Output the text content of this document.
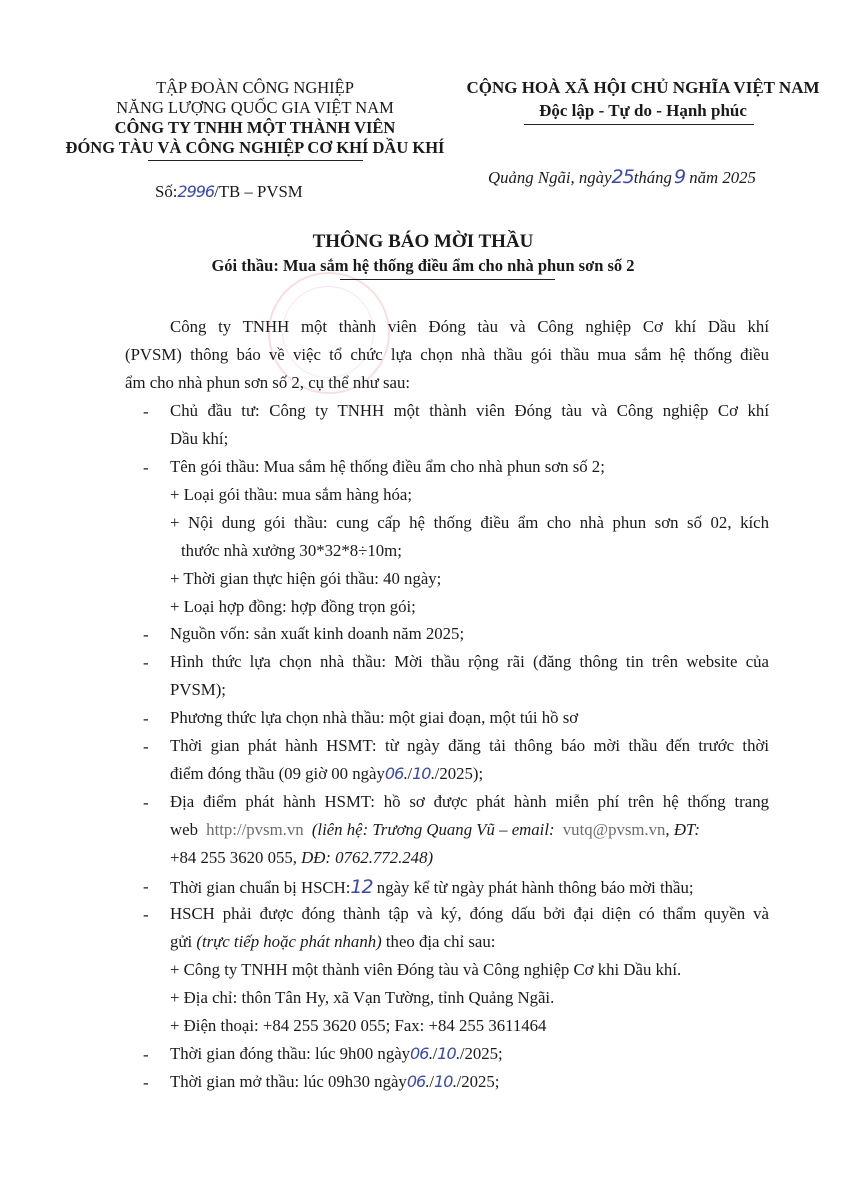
TẬP ĐOÀN CÔNG NGHIỆP
NĂNG LƯỢNG QUỐC GIA VIỆT NAM
CÔNG TY TNHH MỘT THÀNH VIÊN
ĐÓNG TÀU VÀ CÔNG NGHIỆP CƠ KHÍ DẦU KHÍ
CỘNG HOÀ XÃ HỘI CHỦ NGHĨA VIỆT NAM
Độc lập - Tự do - Hạnh phúc
Số:2996/TB – PVSM
Quảng Ngãi, ngày25tháng 9 năm 2025
THÔNG BÁO MỜI THẦU
Gói thầu: Mua sắm hệ thống điều ẩm cho nhà phun sơn số 2
Công ty TNHH một thành viên Đóng tàu và Công nghiệp Cơ khí Dầu khí
(PVSM) thông báo về việc tổ chức lựa chọn nhà thầu gói thầu mua sắm hệ thống điều
ẩm cho nhà phun sơn số 2, cụ thể như sau:
- Chủ đầu tư: Công ty TNHH một thành viên Đóng tàu và Công nghiệp Cơ khí
Dầu khí;
- Tên gói thầu: Mua sắm hệ thống điều ẩm cho nhà phun sơn số 2;
+ Loại gói thầu: mua sắm hàng hóa;
+ Nội dung gói thầu: cung cấp hệ thống điều ẩm cho nhà phun sơn số 02, kích
thước nhà xưởng 30*32*8÷10m;
+ Thời gian thực hiện gói thầu: 40 ngày;
+ Loại hợp đồng: hợp đồng trọn gói;
- Nguồn vốn: sản xuất kinh doanh năm 2025;
- Hình thức lựa chọn nhà thầu: Mời thầu rộng rãi (đăng thông tin trên website của
PVSM);
- Phương thức lựa chọn nhà thầu: một giai đoạn, một túi hồ sơ
- Thời gian phát hành HSMT: từ ngày đăng tải thông báo mời thầu đến trước thời
điểm đóng thầu (09 giờ 00 ngày06./10./2025);
- Địa điểm phát hành HSMT: hồ sơ được phát hành miễn phí trên hệ thống trang
web http://pvsm.vn (liên hệ: Trương Quang Vũ – email: vutq@pvsm.vn, ĐT:
+84 255 3620 055, DĐ: 0762.772.248)
- Thời gian chuẩn bị HSCH:12 ngày kể từ ngày phát hành thông báo mời thầu;
- HSCH phải được đóng thành tập và ký, đóng dấu bởi đại diện có thẩm quyền và
gửi (trực tiếp hoặc phát nhanh) theo địa chỉ sau:
+ Công ty TNHH một thành viên Đóng tàu và Công nghiệp Cơ khi Dầu khí.
+ Địa chỉ: thôn Tân Hy, xã Vạn Tường, tỉnh Quảng Ngãi.
+ Điện thoại: +84 255 3620 055; Fax: +84 255 3611464
- Thời gian đóng thầu: lúc 9h00 ngày06./10./2025;
- Thời gian mở thầu: lúc 09h30 ngày06./10./2025;
